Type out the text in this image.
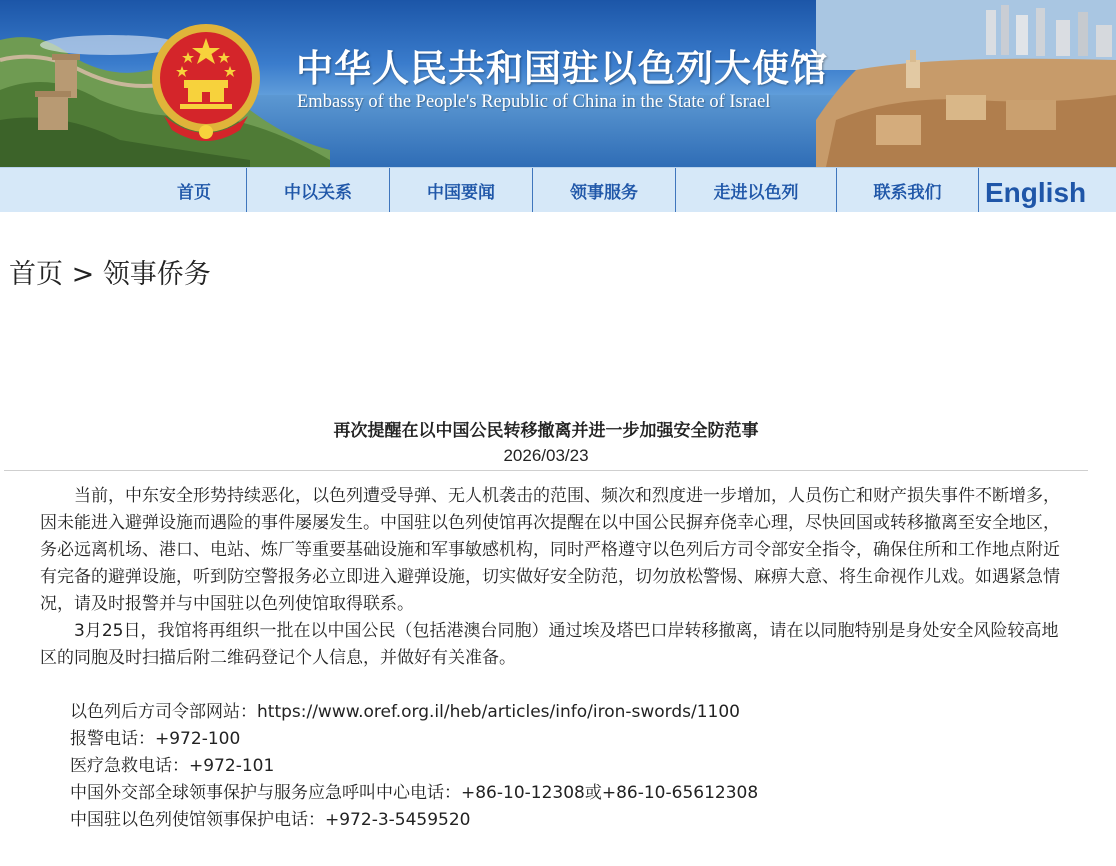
中华人民共和国驻以色列大使馆
Embassy of the People's Republic of China in the State of Israel
首页	中以关系	中国要闻	领事服务	走进以色列	联系我们	English
首页 > 领事侨务
再次提醒在以中国公民转移撤离并进一步加强安全防范事
2026/03/23

当前，中东安全形势持续恶化，以色列遭受导弹、无人机袭击的范围、频次和烈度进一步增加，人员伤亡和财产损失事件不断增多，因未能进入避弹设施而遇险的事件屡屡发生。中国驻以色列使馆再次提醒在以中国公民摒弃侥幸心理，尽快回国或转移撤离至安全地区，务必远离机场、港口、电站、炼厂等重要基础设施和军事敏感机构，同时严格遵守以色列后方司令部安全指令，确保住所和工作地点附近有完备的避弹设施，听到防空警报务必立即进入避弹设施，切实做好安全防范，切勿放松警惕、麻痹大意、将生命视作儿戏。如遇紧急情况，请及时报警并与中国驻以色列使馆取得联系。

3月25日，我馆将再组织一批在以中国公民（包括港澳台同胞）通过埃及塔巴口岸转移撤离，请在以同胞特别是身处安全风险较高地区的同胞及时扫描后附二维码登记个人信息，并做好有关准备。

以色列后方司令部网站：https://www.oref.org.il/heb/articles/info/iron-swords/1100
报警电话：+972-100
医疗急救电话：+972-101
中国外交部全球领事保护与服务应急呼叫中心电话：+86-10-12308或+86-10-65612308
中国驻以色列使馆领事保护电话：+972-3-5459520
